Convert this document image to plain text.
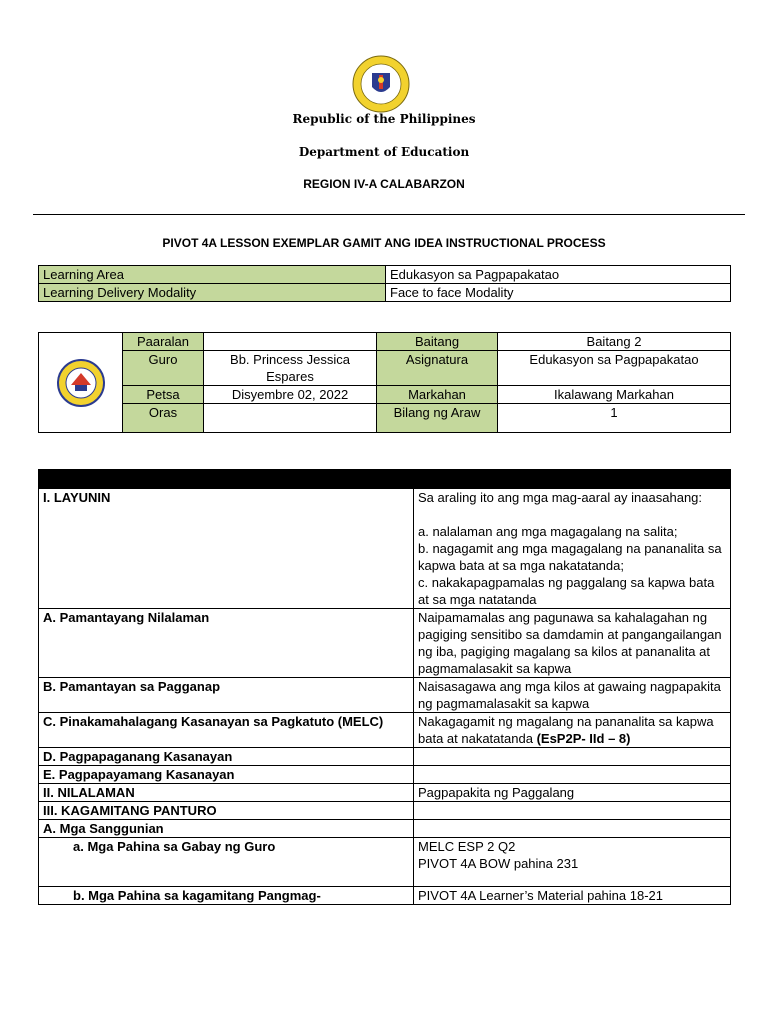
Republic of the Philippines
Department of Education
REGION IV-A CALABARZON
PIVOT 4A LESSON EXEMPLAR GAMIT ANG IDEA INSTRUCTIONAL PROCESS
Learning Area	Edukasyon sa Pagpapakatao
Learning Delivery Modality	Face to face Modality
	Paaralan		Baitang	Baitang 2
	Guro	Bb. Princess Jessica Espares	Asignatura	Edukasyon sa Pagpapakatao
	Petsa	Disyembre 02, 2022	Markahan	Ikalawang Markahan
	Oras		Bilang ng Araw	1

I. LAYUNIN	Sa araling ito ang mga mag-aaral ay inaasahang:
a. nalalaman ang mga magagalang na salita;
b. nagagamit ang mga magagalang na pananalita sa kapwa bata at sa mga nakatatanda;
c. nakakapagpamalas ng paggalang sa kapwa bata at sa mga natatanda

A. Pamantayang Nilalaman	Naipamamalas ang pagunawa sa kahalagahan ng pagiging sensitibo sa damdamin at pangangailangan ng iba, pagiging magalang sa kilos at pananalita at pagmamalasakit sa kapwa
B. Pamantayan sa Pagganap	Naisasagawa ang mga kilos at gawaing nagpapakita ng pagmamalasakit sa kapwa
C. Pinakamahalagang Kasanayan sa Pagkatuto (MELC)	Nakagagamit ng magalang na pananalita sa kapwa bata at nakatatanda (EsP2P- IId – 8)
D. Pagpapaganang Kasanayan	
E. Pagpapayamang Kasanayan	
II. NILALAMAN	Pagpapakita ng Paggalang
III. KAGAMITANG PANTURO	
A. Mga Sanggunian	
a. Mga Pahina sa Gabay ng Guro	MELC ESP 2 Q2
PIVOT 4A BOW pahina 231

b. Mga Pahina sa kagamitang Pangmag-	PIVOT 4A Learner’s Material pahina 18-21
